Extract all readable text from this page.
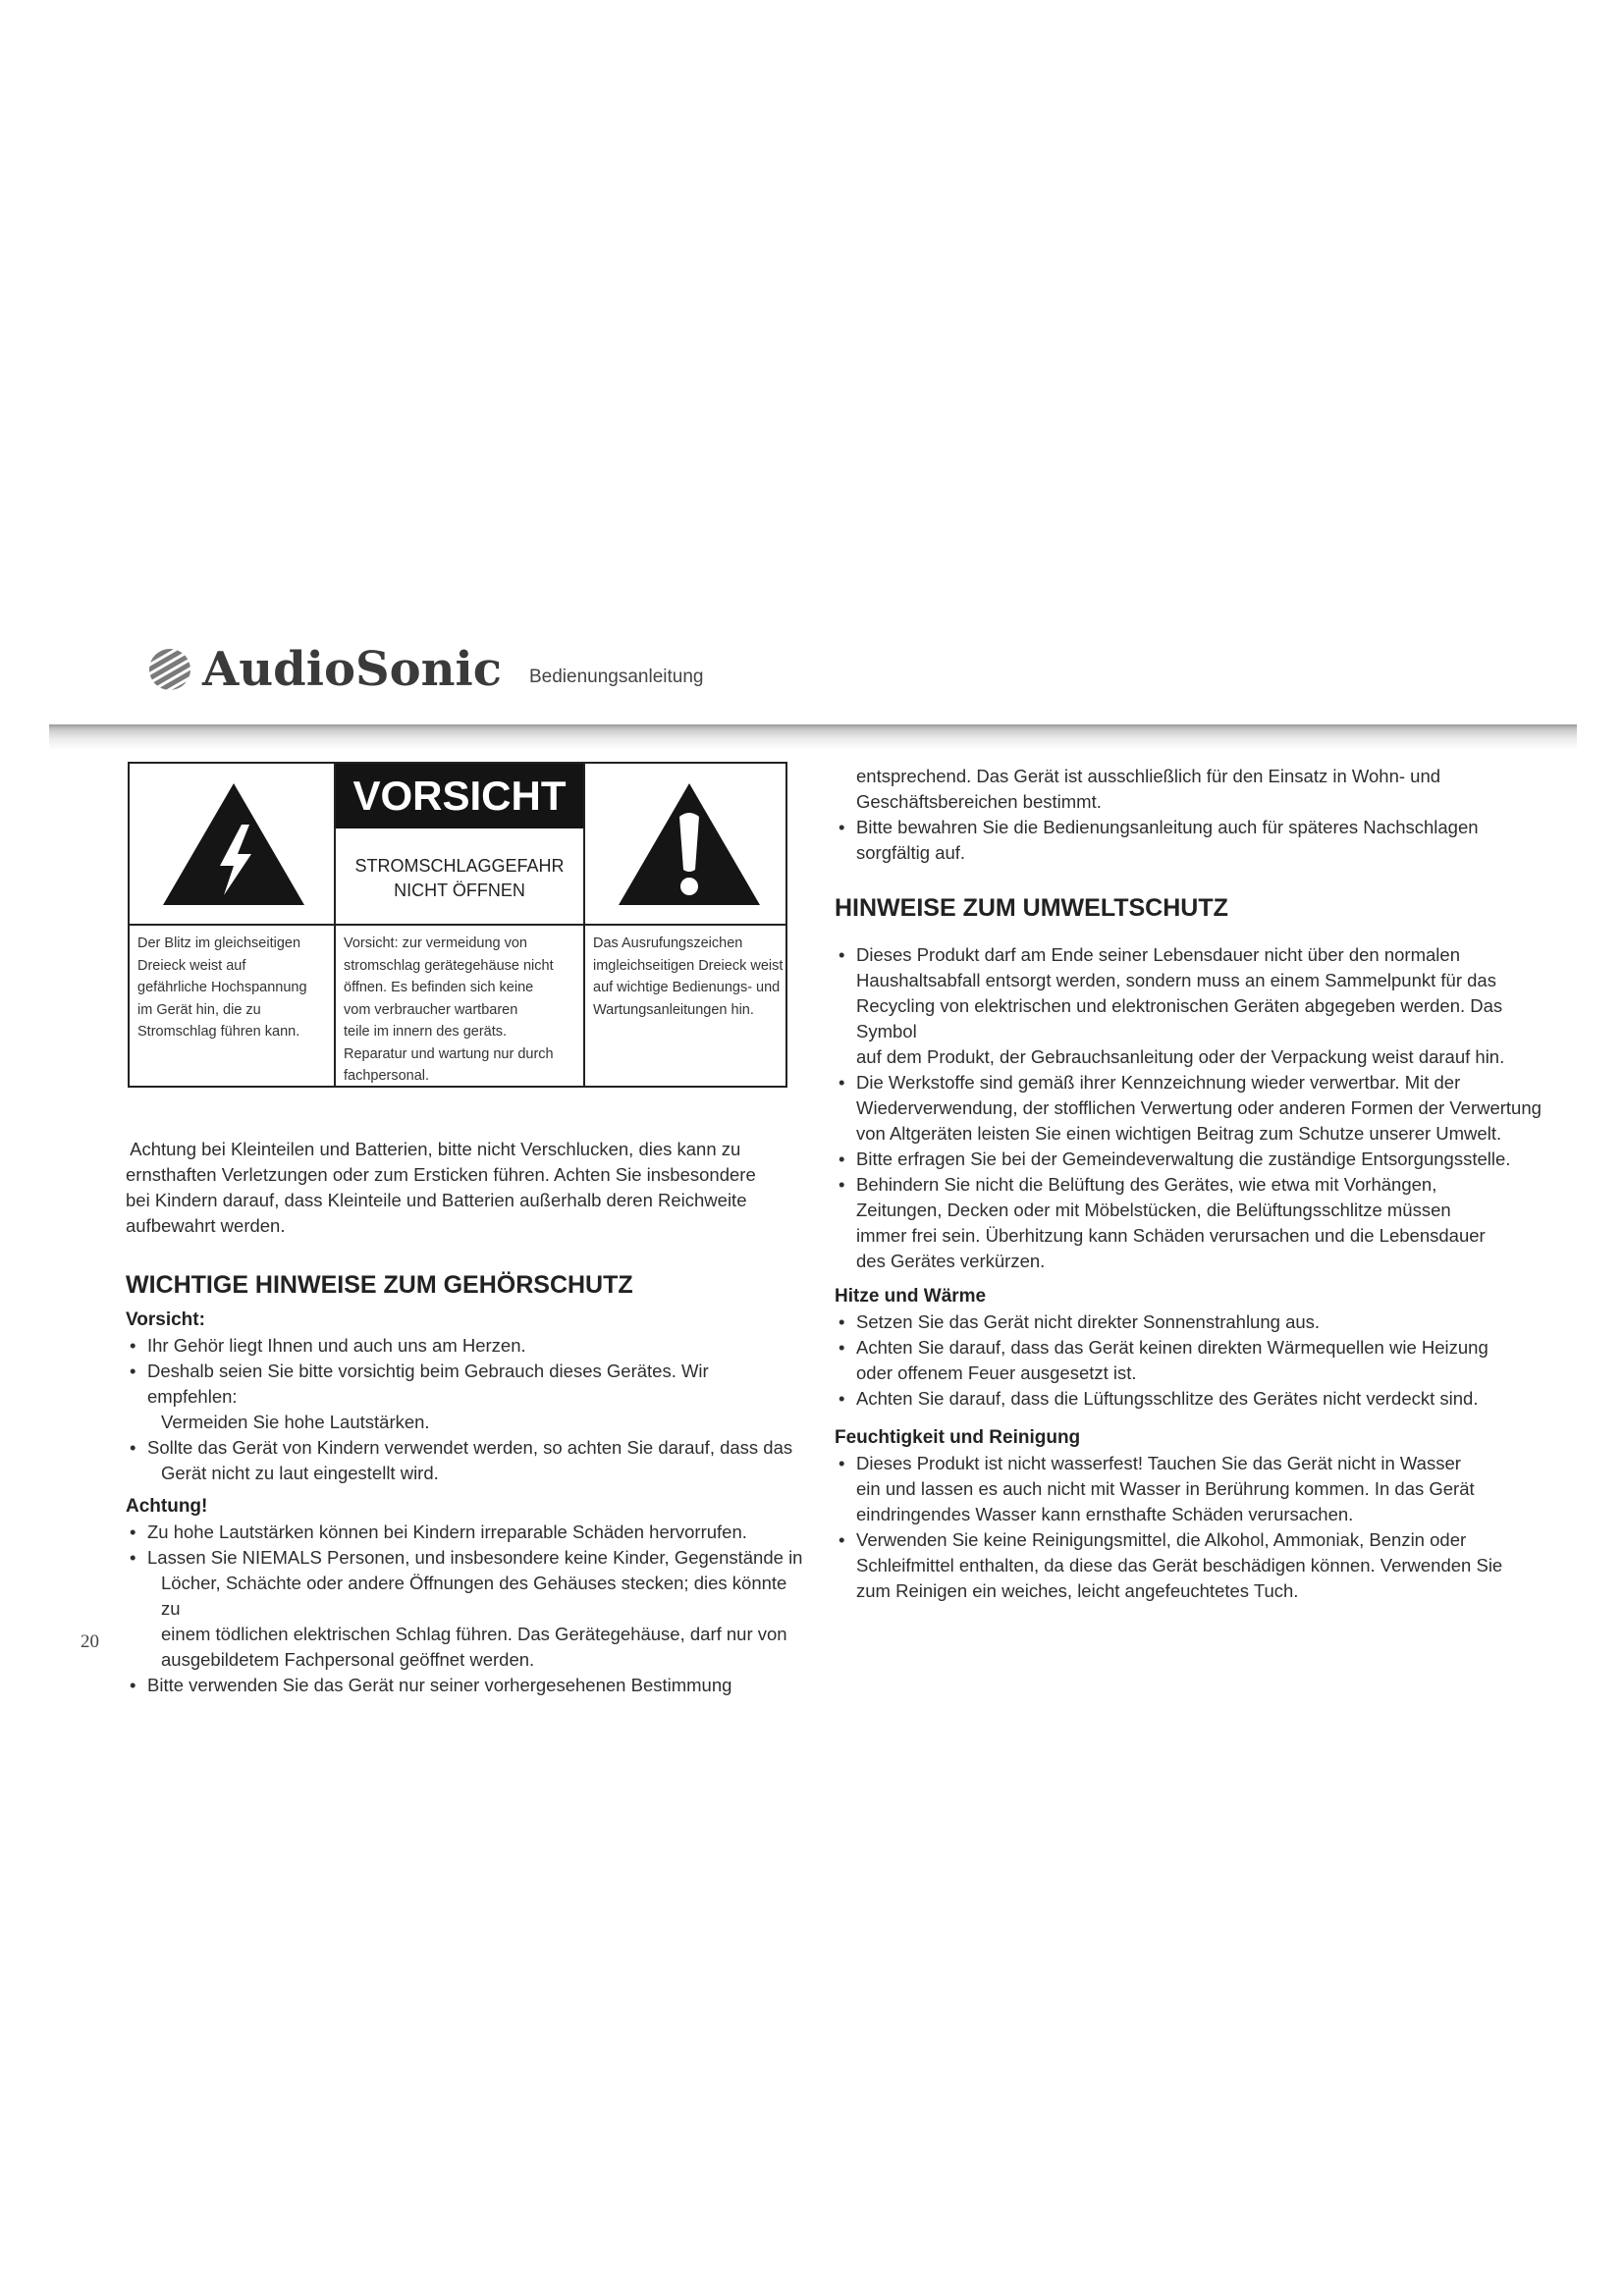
AudioSonic Bedienungsanleitung
VORSICHT
STROMSCHLAGGEFAHR
NICHT ÖFFNEN
Der Blitz im gleichseitigen
Dreieck weist auf
gefährliche Hochspannung
im Gerät hin, die zu
Stromschlag führen kann.
Vorsicht: zur vermeidung von
stromschlag gerätegehäuse nicht
öffnen. Es befinden sich keine
vom verbraucher wartbaren
teile im innern des geräts.
Reparatur und wartung nur durch
fachpersonal.
Das Ausrufungszeichen
imgleichseitigen Dreieck weist
auf wichtige Bedienungs- und
Wartungsanleitungen hin.

Achtung bei Kleinteilen und Batterien, bitte nicht Verschlucken, dies kann zu
ernsthaften Verletzungen oder zum Ersticken führen. Achten Sie insbesondere
bei Kindern darauf, dass Kleinteile und Batterien außerhalb deren Reichweite
aufbewahrt werden.

WICHTIGE HINWEISE ZUM GEHÖRSCHUTZ
Vorsicht:
• Ihr Gehör liegt Ihnen und auch uns am Herzen.
• Deshalb seien Sie bitte vorsichtig beim Gebrauch dieses Gerätes. Wir empfehlen:
Vermeiden Sie hohe Lautstärken.
• Sollte das Gerät von Kindern verwendet werden, so achten Sie darauf, dass das
Gerät nicht zu laut eingestellt wird.
Achtung!
• Zu hohe Lautstärken können bei Kindern irreparable Schäden hervorrufen.
• Lassen Sie NIEMALS Personen, und insbesondere keine Kinder, Gegenstände in
Löcher, Schächte oder andere Öffnungen des Gehäuses stecken; dies könnte zu
einem tödlichen elektrischen Schlag führen. Das Gerätegehäuse, darf nur von
ausgebildetem Fachpersonal geöffnet werden.
• Bitte verwenden Sie das Gerät nur seiner vorhergesehenen Bestimmung
entsprechend. Das Gerät ist ausschließlich für den Einsatz in Wohn- und
Geschäftsbereichen bestimmt.
• Bitte bewahren Sie die Bedienungsanleitung auch für späteres Nachschlagen
sorgfältig auf.
HINWEISE ZUM UMWELTSCHUTZ
• Dieses Produkt darf am Ende seiner Lebensdauer nicht über den normalen
Haushaltsabfall entsorgt werden, sondern muss an einem Sammelpunkt für das
Recycling von elektrischen und elektronischen Geräten abgegeben werden. Das Symbol
auf dem Produkt, der Gebrauchsanleitung oder der Verpackung weist darauf hin.
• Die Werkstoffe sind gemäß ihrer Kennzeichnung wieder verwertbar. Mit der
Wiederverwendung, der stofflichen Verwertung oder anderen Formen der Verwertung
von Altgeräten leisten Sie einen wichtigen Beitrag zum Schutze unserer Umwelt.
• Bitte erfragen Sie bei der Gemeindeverwaltung die zuständige Entsorgungsstelle.
• Behindern Sie nicht die Belüftung des Gerätes, wie etwa mit Vorhängen,
Zeitungen, Decken oder mit Möbelstücken, die Belüftungsschlitze müssen
immer frei sein. Überhitzung kann Schäden verursachen und die Lebensdauer
des Gerätes verkürzen.
Hitze und Wärme
• Setzen Sie das Gerät nicht direkter Sonnenstrahlung aus.
• Achten Sie darauf, dass das Gerät keinen direkten Wärmequellen wie Heizung
oder offenem Feuer ausgesetzt ist.
• Achten Sie darauf, dass die Lüftungsschlitze des Gerätes nicht verdeckt sind.
Feuchtigkeit und Reinigung
• Dieses Produkt ist nicht wasserfest! Tauchen Sie das Gerät nicht in Wasser
ein und lassen es auch nicht mit Wasser in Berührung kommen. In das Gerät
eindringendes Wasser kann ernsthafte Schäden verursachen.
• Verwenden Sie keine Reinigungsmittel, die Alkohol, Ammoniak, Benzin oder
Schleifmittel enthalten, da diese das Gerät beschädigen können. Verwenden Sie
zum Reinigen ein weiches, leicht angefeuchtetes Tuch.
20
